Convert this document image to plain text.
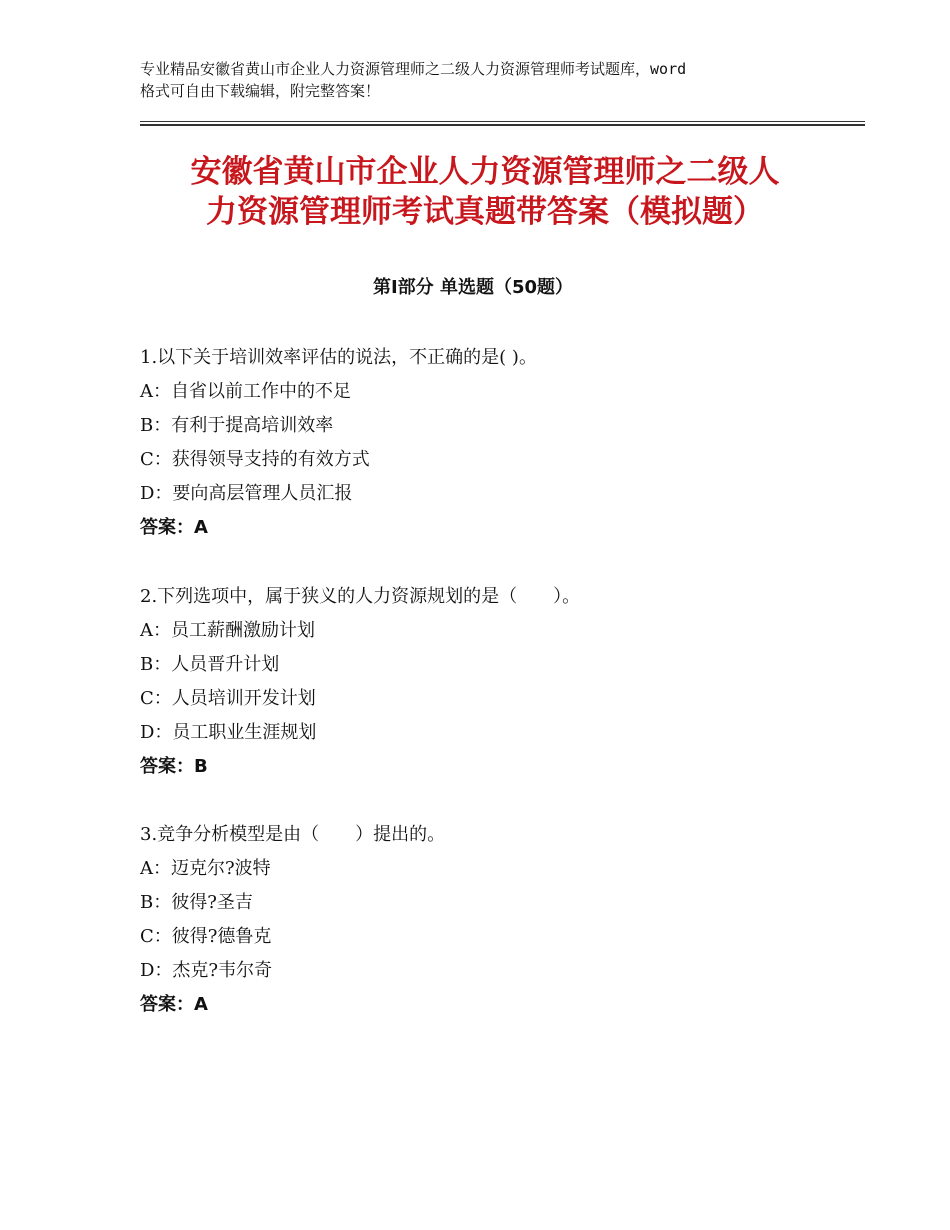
专业精品安徽省黄山市企业人力资源管理师之二级人力资源管理师考试题库，word
格式可自由下载编辑，附完整答案！
安徽省黄山市企业人力资源管理师之二级人
力资源管理师考试真题带答案（模拟题）
第Ⅰ部分 单选题（50题）
1.以下关于培训效率评估的说法，不正确的是( )。
A：自省以前工作中的不足
B：有利于提高培训效率
C：获得领导支持的有效方式
D：要向高层管理人员汇报
答案：A
2.下列选项中，属于狭义的人力资源规划的是（　　）。
A：员工薪酬激励计划
B：人员晋升计划
C：人员培训开发计划
D：员工职业生涯规划
答案：B
3.竞争分析模型是由（　　）提出的。
A：迈克尔?波特
B：彼得?圣吉
C：彼得?德鲁克
D：杰克?韦尔奇
答案：A
